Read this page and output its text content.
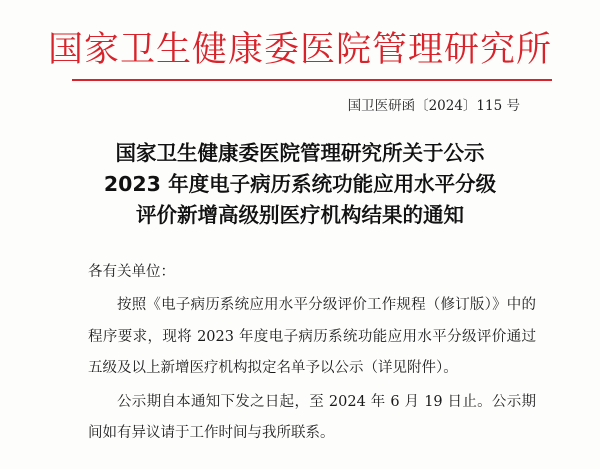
国家卫生健康委医院管理研究所
国卫医研函〔2024〕115 号
国家卫生健康委医院管理研究所关于公示
2023 年度电子病历系统功能应用水平分级
评价新增高级别医疗机构结果的通知
各有关单位：

按照《电子病历系统应用水平分级评价工作规程（修订版）》中的程序要求，现将 2023 年度电子病历系统功能应用水平分级评价通过五级及以上新增医疗机构拟定名单予以公示（详见附件）。

公示期自本通知下发之日起，至 2024 年 6 月 19 日止。公示期间如有异议请于工作时间与我所联系。
